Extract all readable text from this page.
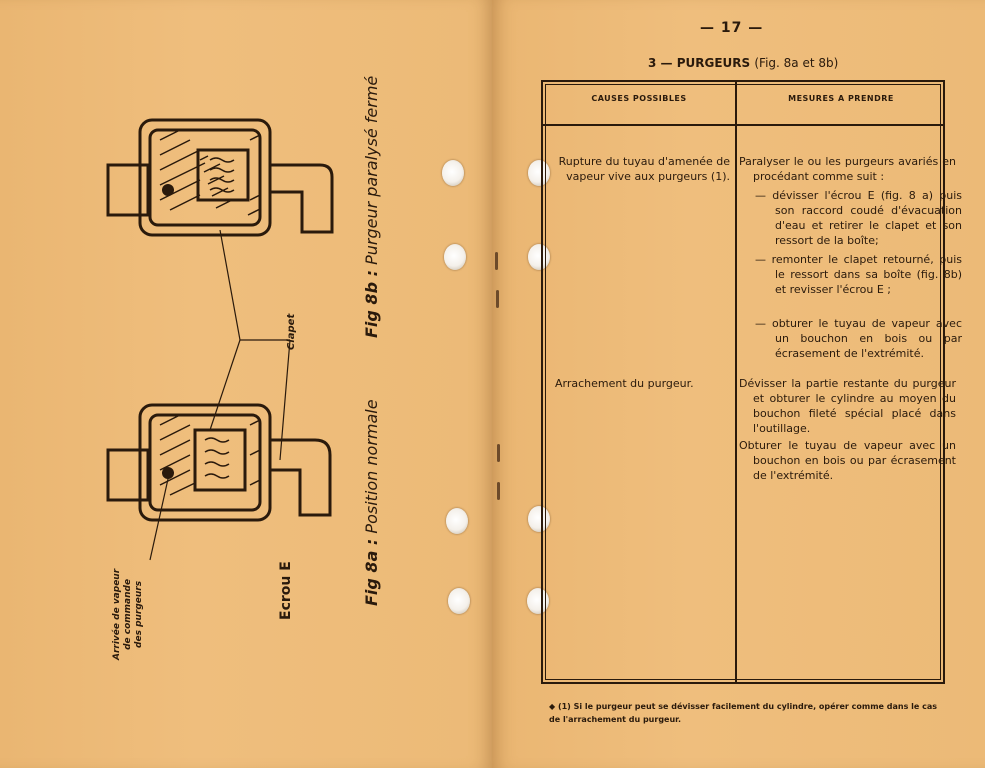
Fig 8b : Purgeur paralysé fermé
Fig 8a : Position normale
Clapet
Ecrou E
Arrivée de vapeur de commande des purgeurs
— 17 —
3 — PURGEURS (Fig. 8a et 8b)
CAUSES POSSIBLES	MESURES A PRENDRE
Rupture du tuyau d'amenée de vapeur vive aux purgeurs (1).
Paralyser le ou les purgeurs avariés en procédant comme suit :
— dévisser l'écrou E (fig. 8 a) puis son raccord coudé d'évacuation d'eau et retirer le clapet et son ressort de la boîte;
— remonter le clapet retourné, puis le ressort dans sa boîte (fig. 8b) et revisser l'écrou E ;
— obturer le tuyau de vapeur avec un bouchon en bois ou par écrasement de l'extrémité.
Arrachement du purgeur.	Dévisser la partie restante du purgeur et obturer le cylindre au moyen du bouchon fileté spécial placé dans l'outillage.
Obturer le tuyau de vapeur avec un bouchon en bois ou par écrasement de l'extrémité.
◆ (1) Si le purgeur peut se dévisser facilement du cylindre, opérer comme dans le cas de l'arrachement du purgeur.
